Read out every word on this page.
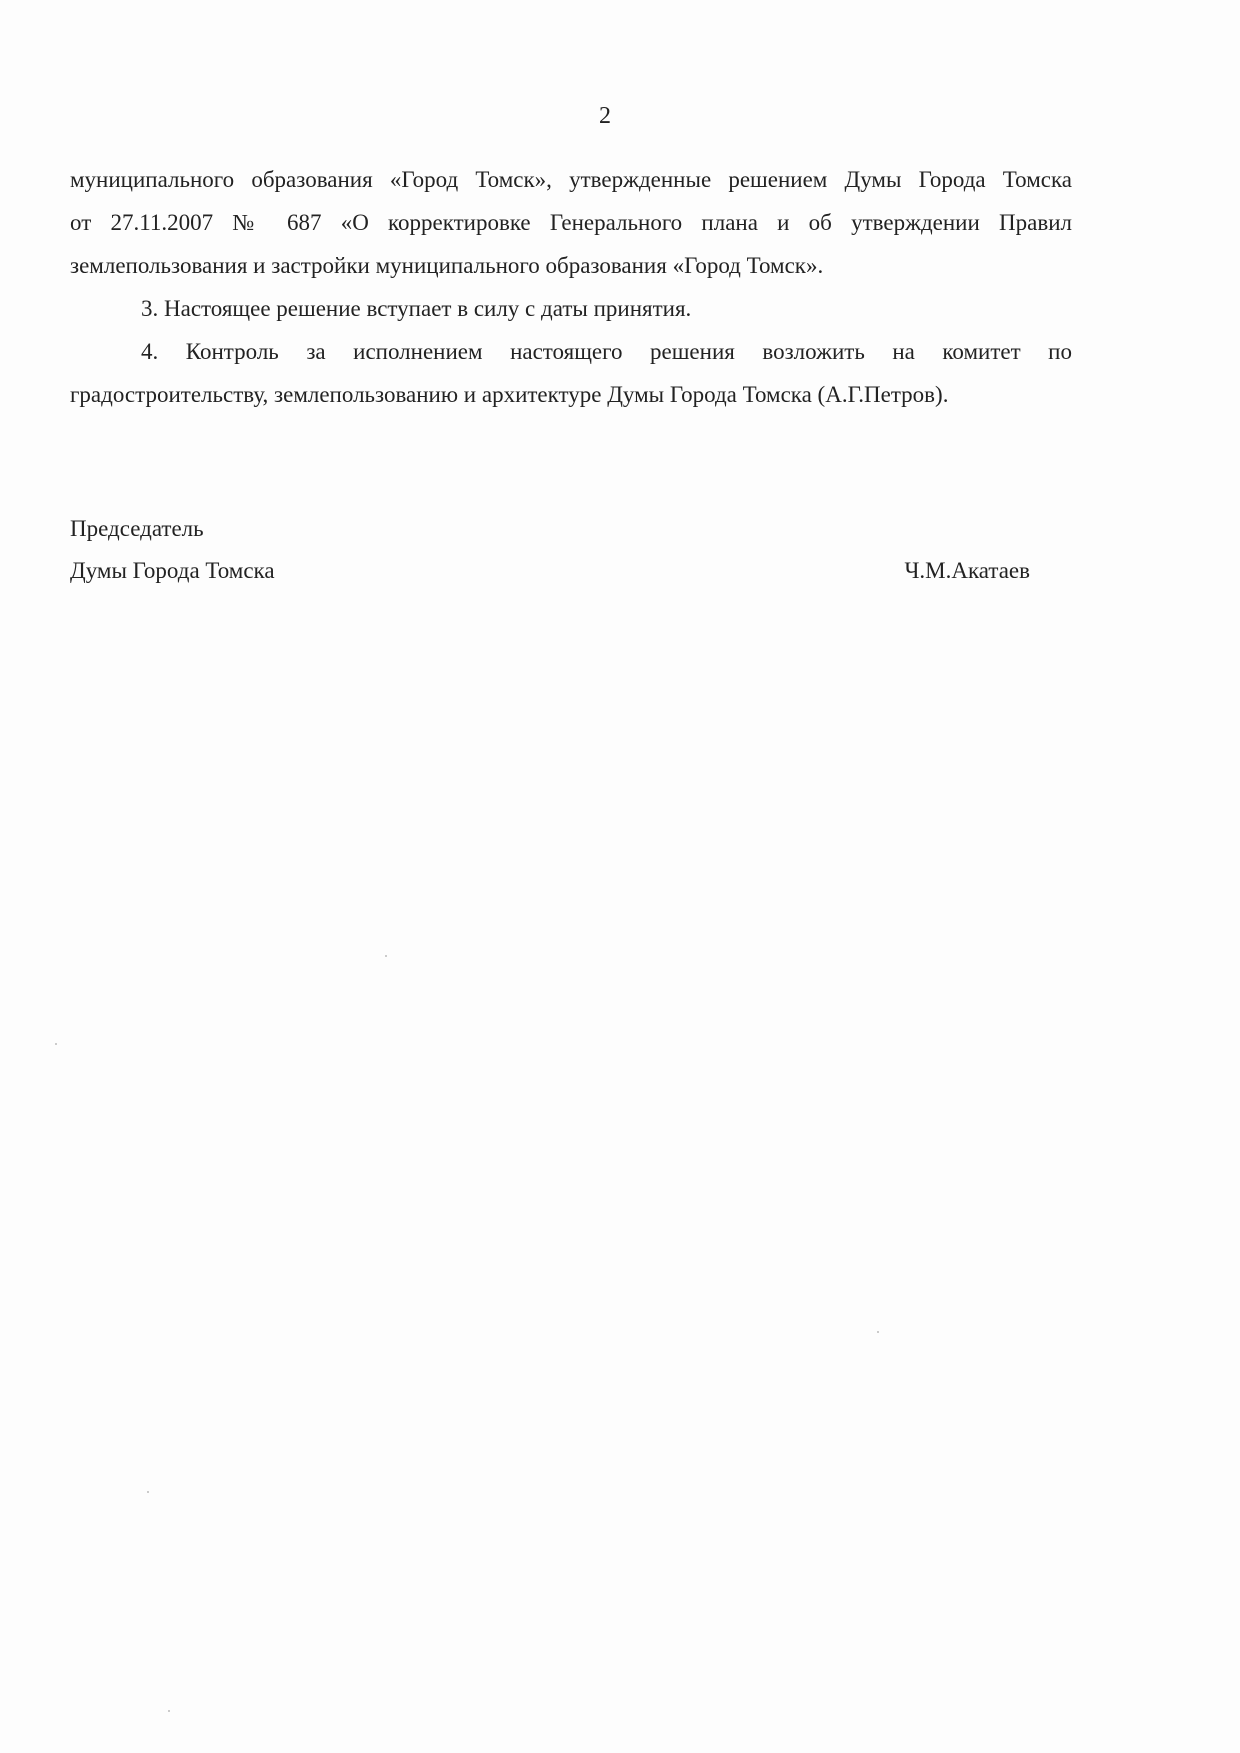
2
муниципального образования «Город Томск», утвержденные решением Думы Города Томска
от 27.11.2007 № 687 «О корректировке Генерального плана и об утверждении Правил
землепользования и застройки муниципального образования «Город Томск».
3. Настоящее решение вступает в силу с даты принятия.
4. Контроль за исполнением настоящего решения возложить на комитет по
градостроительству, землепользованию и архитектуре Думы Города Томска (А.Г.Петров).
Председатель
Думы Города Томска	Ч.М.Акатаев
